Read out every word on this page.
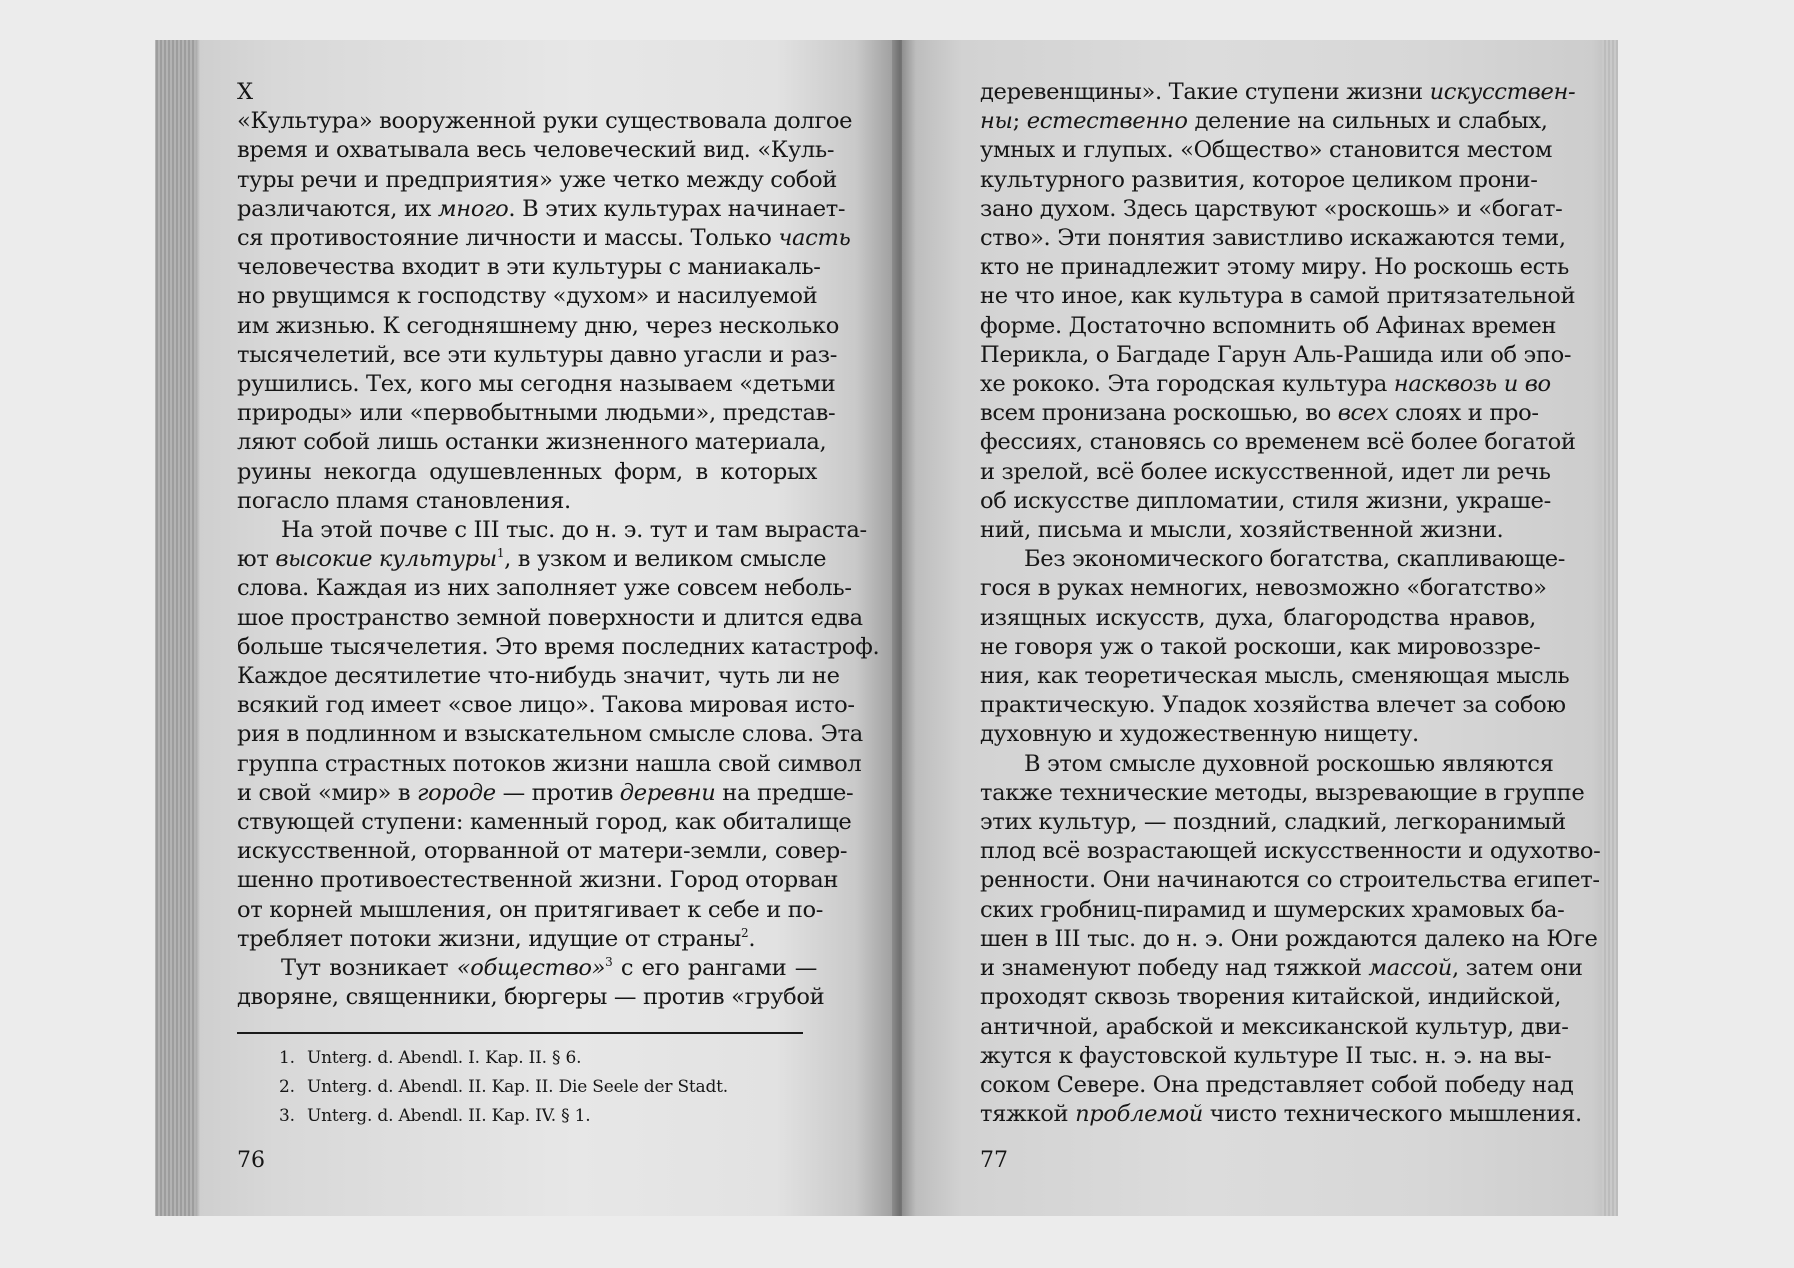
X
«Культура» вооруженной руки существовала долгое
время и охватывала весь человеческий вид. «Куль-
туры речи и предприятия» уже четко между собой
различаются, их много. В этих культурах начинает-
ся противостояние личности и массы. Только часть
человечества входит в эти культуры с маниакаль-
но рвущимся к господству «духом» и насилуемой
им жизнью. К сегодняшнему дню, через несколько
тысячелетий, все эти культуры давно угасли и раз-
рушились. Тех, кого мы сегодня называем «детьми
природы» или «первобытными людьми», представ-
ляют собой лишь останки жизненного материала,
руины некогда одушевленных форм, в которых
погасло пламя становления.
На этой почве с III тыс. до н. э. тут и там выраста-
ют высокие культуры$^1$, в узком и великом смысле
слова. Каждая из них заполняет уже совсем неболь-
шое пространство земной поверхности и длится едва
больше тысячелетия. Это время последних катастроф.
Каждое десятилетие что-нибудь значит, чуть ли не
всякий год имеет «свое лицо». Такова мировая исто-
рия в подлинном и взыскательном смысле слова. Эта
группа страстных потоков жизни нашла свой символ
и свой «мир» в городе — против деревни на предше-
ствующей ступени: каменный город, как обиталище
искусственной, оторванной от матери-земли, совер-
шенно противоестественной жизни. Город оторван
от корней мышления, он притягивает к себе и по-
требляет потоки жизни, идущие от страны$^2$.
Тут возникает «общество»$^3$ с его рангами —
дворяне, священники, бюргеры — против «грубой
1. Unterg. d. Abendl. I. Kap. II. § 6.
2. Unterg. d. Abendl. II. Kap. II. Die Seele der Stadt.
3. Unterg. d. Abendl. II. Kap. IV. § 1.
76
деревенщины». Такие ступени жизни искусствен-
ны; естественно деление на сильных и слабых,
умных и глупых. «Общество» становится местом
культурного развития, которое целиком прони-
зано духом. Здесь царствуют «роскошь» и «богат-
ство». Эти понятия завистливо искажаются теми,
кто не принадлежит этому миру. Но роскошь есть
не что иное, как культура в самой притязательной
форме. Достаточно вспомнить об Афинах времен
Перикла, о Багдаде Гарун Аль-Рашида или об эпо-
хе рококо. Эта городская культура насквозь и во
всем пронизана роскошью, во всех слоях и про-
фессиях, становясь со временем всё более богатой
и зрелой, всё более искусственной, идет ли речь
об искусстве дипломатии, стиля жизни, украше-
ний, письма и мысли, хозяйственной жизни.
Без экономического богатства, скапливающе-
гося в руках немногих, невозможно «богатство»
изящных искусств, духа, благородства нравов,
не говоря уж о такой роскоши, как мировоззре-
ния, как теоретическая мысль, сменяющая мысль
практическую. Упадок хозяйства влечет за собою
духовную и художественную нищету.
В этом смысле духовной роскошью являются
также технические методы, вызревающие в группе
этих культур, — поздний, сладкий, легкоранимый
плод всё возрастающей искусственности и одухотво-
ренности. Они начинаются со строительства египет-
ских гробниц-пирамид и шумерских храмовых ба-
шен в III тыс. до н. э. Они рождаются далеко на Юге
и знаменуют победу над тяжкой массой, затем они
проходят сквозь творения китайской, индийской,
античной, арабской и мексиканской культур, дви-
жутся к фаустовской культуре II тыс. н. э. на вы-
соком Севере. Она представляет собой победу над
тяжкой проблемой чисто технического мышления.
77
